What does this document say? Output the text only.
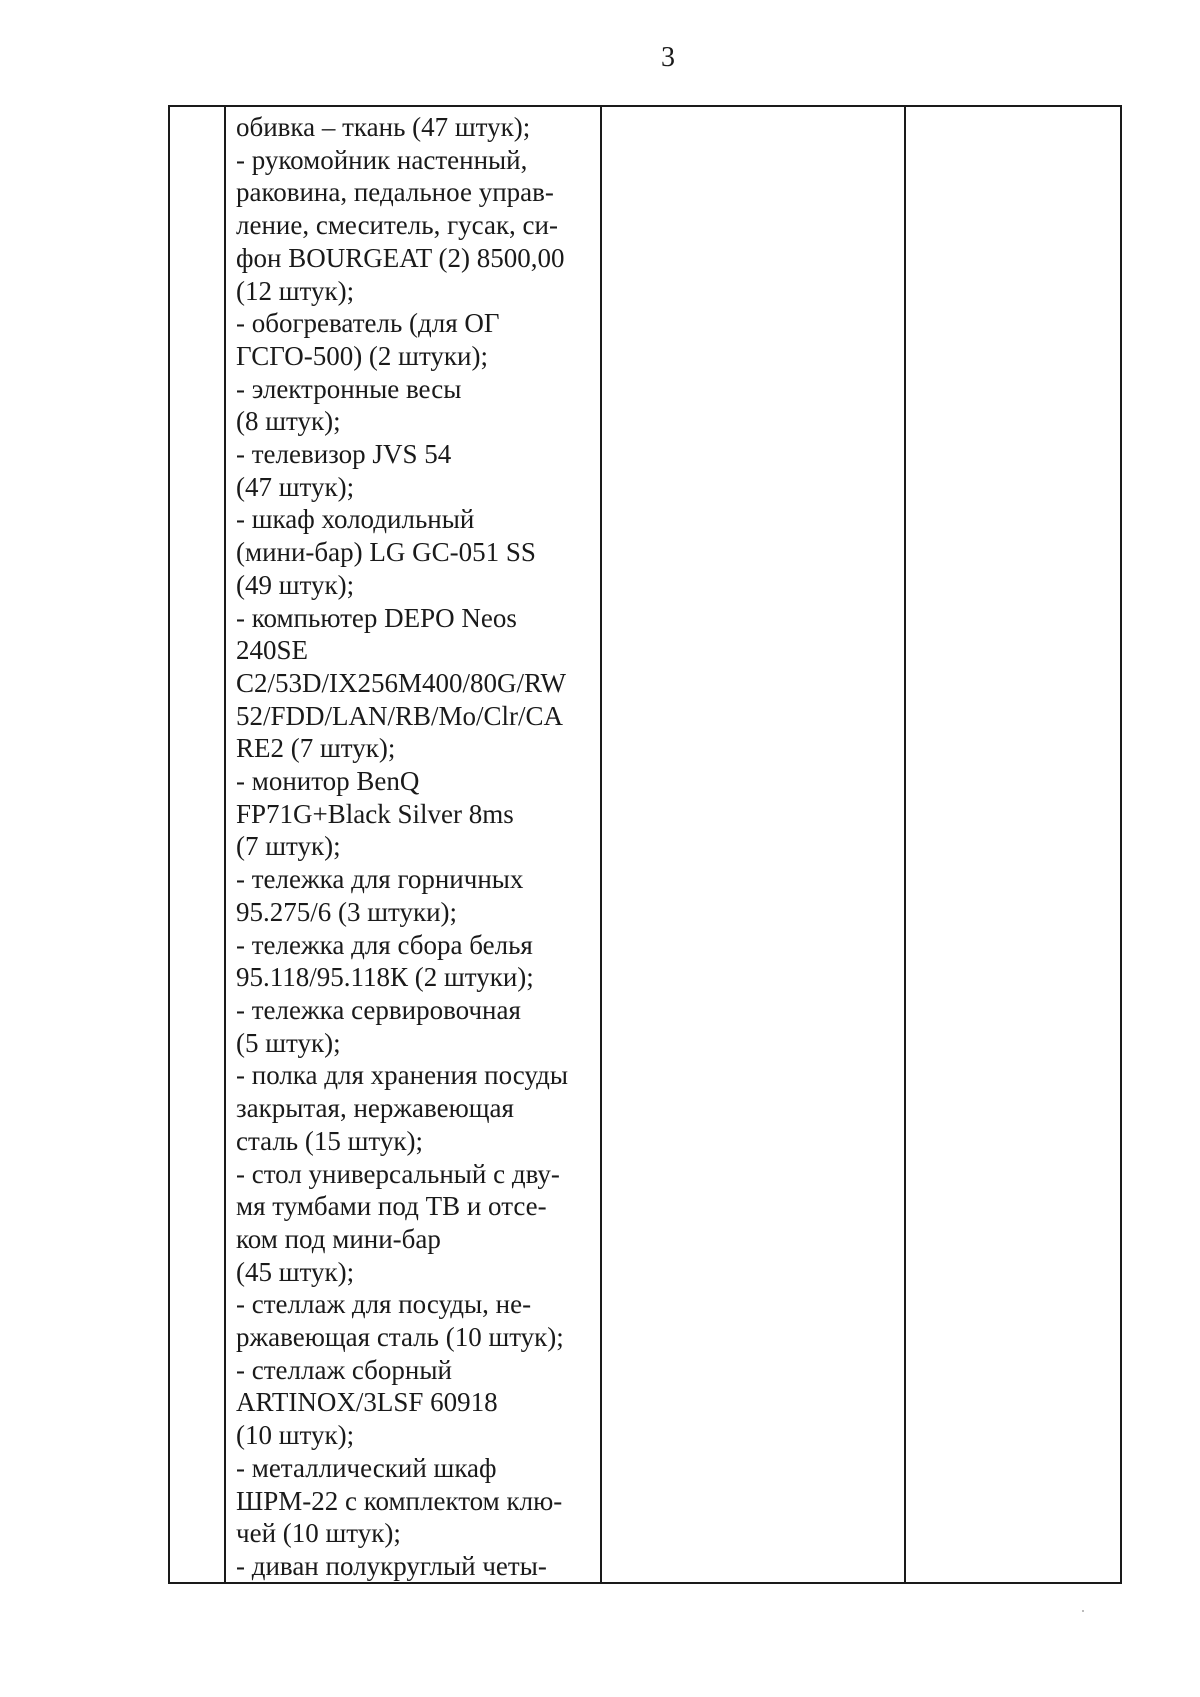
3
обивка – ткань (47 штук);
- рукомойник настенный,
раковина, педальное управ-
ление, смеситель, гусак, си-
фон BOURGEAT (2) 8500,00
(12 штук);
- обогреватель (для ОГ
ГСГО-500) (2 штуки);
- электронные весы
(8 штук);
- телевизор JVS 54
(47 штук);
- шкаф холодильный
(мини-бар) LG GC-051 SS
(49 штук);
- компьютер DEPO Neos
240SE
C2/53D/IX256M400/80G/RW
52/FDD/LAN/RB/Mo/Clr/CA
RE2 (7 штук);
- монитор BenQ
FP71G+Black Silver 8ms
(7 штук);
- тележка для горничных
95.275/6 (3 штуки);
- тележка для сбора белья
95.118/95.118К (2 штуки);
- тележка сервировочная
(5 штук);
- полка для хранения посуды
закрытая, нержавеющая
сталь (15 штук);
- стол универсальный с дву-
мя тумбами под ТВ и отсе-
ком под мини-бар
(45 штук);
- стеллаж для посуды, не-
ржавеющая сталь (10 штук);
- стеллаж сборный
ARTINOX/3LSF 60918
(10 штук);
- металлический шкаф
ШРМ-22 с комплектом клю-
чей (10 штук);
- диван полукруглый четы-
